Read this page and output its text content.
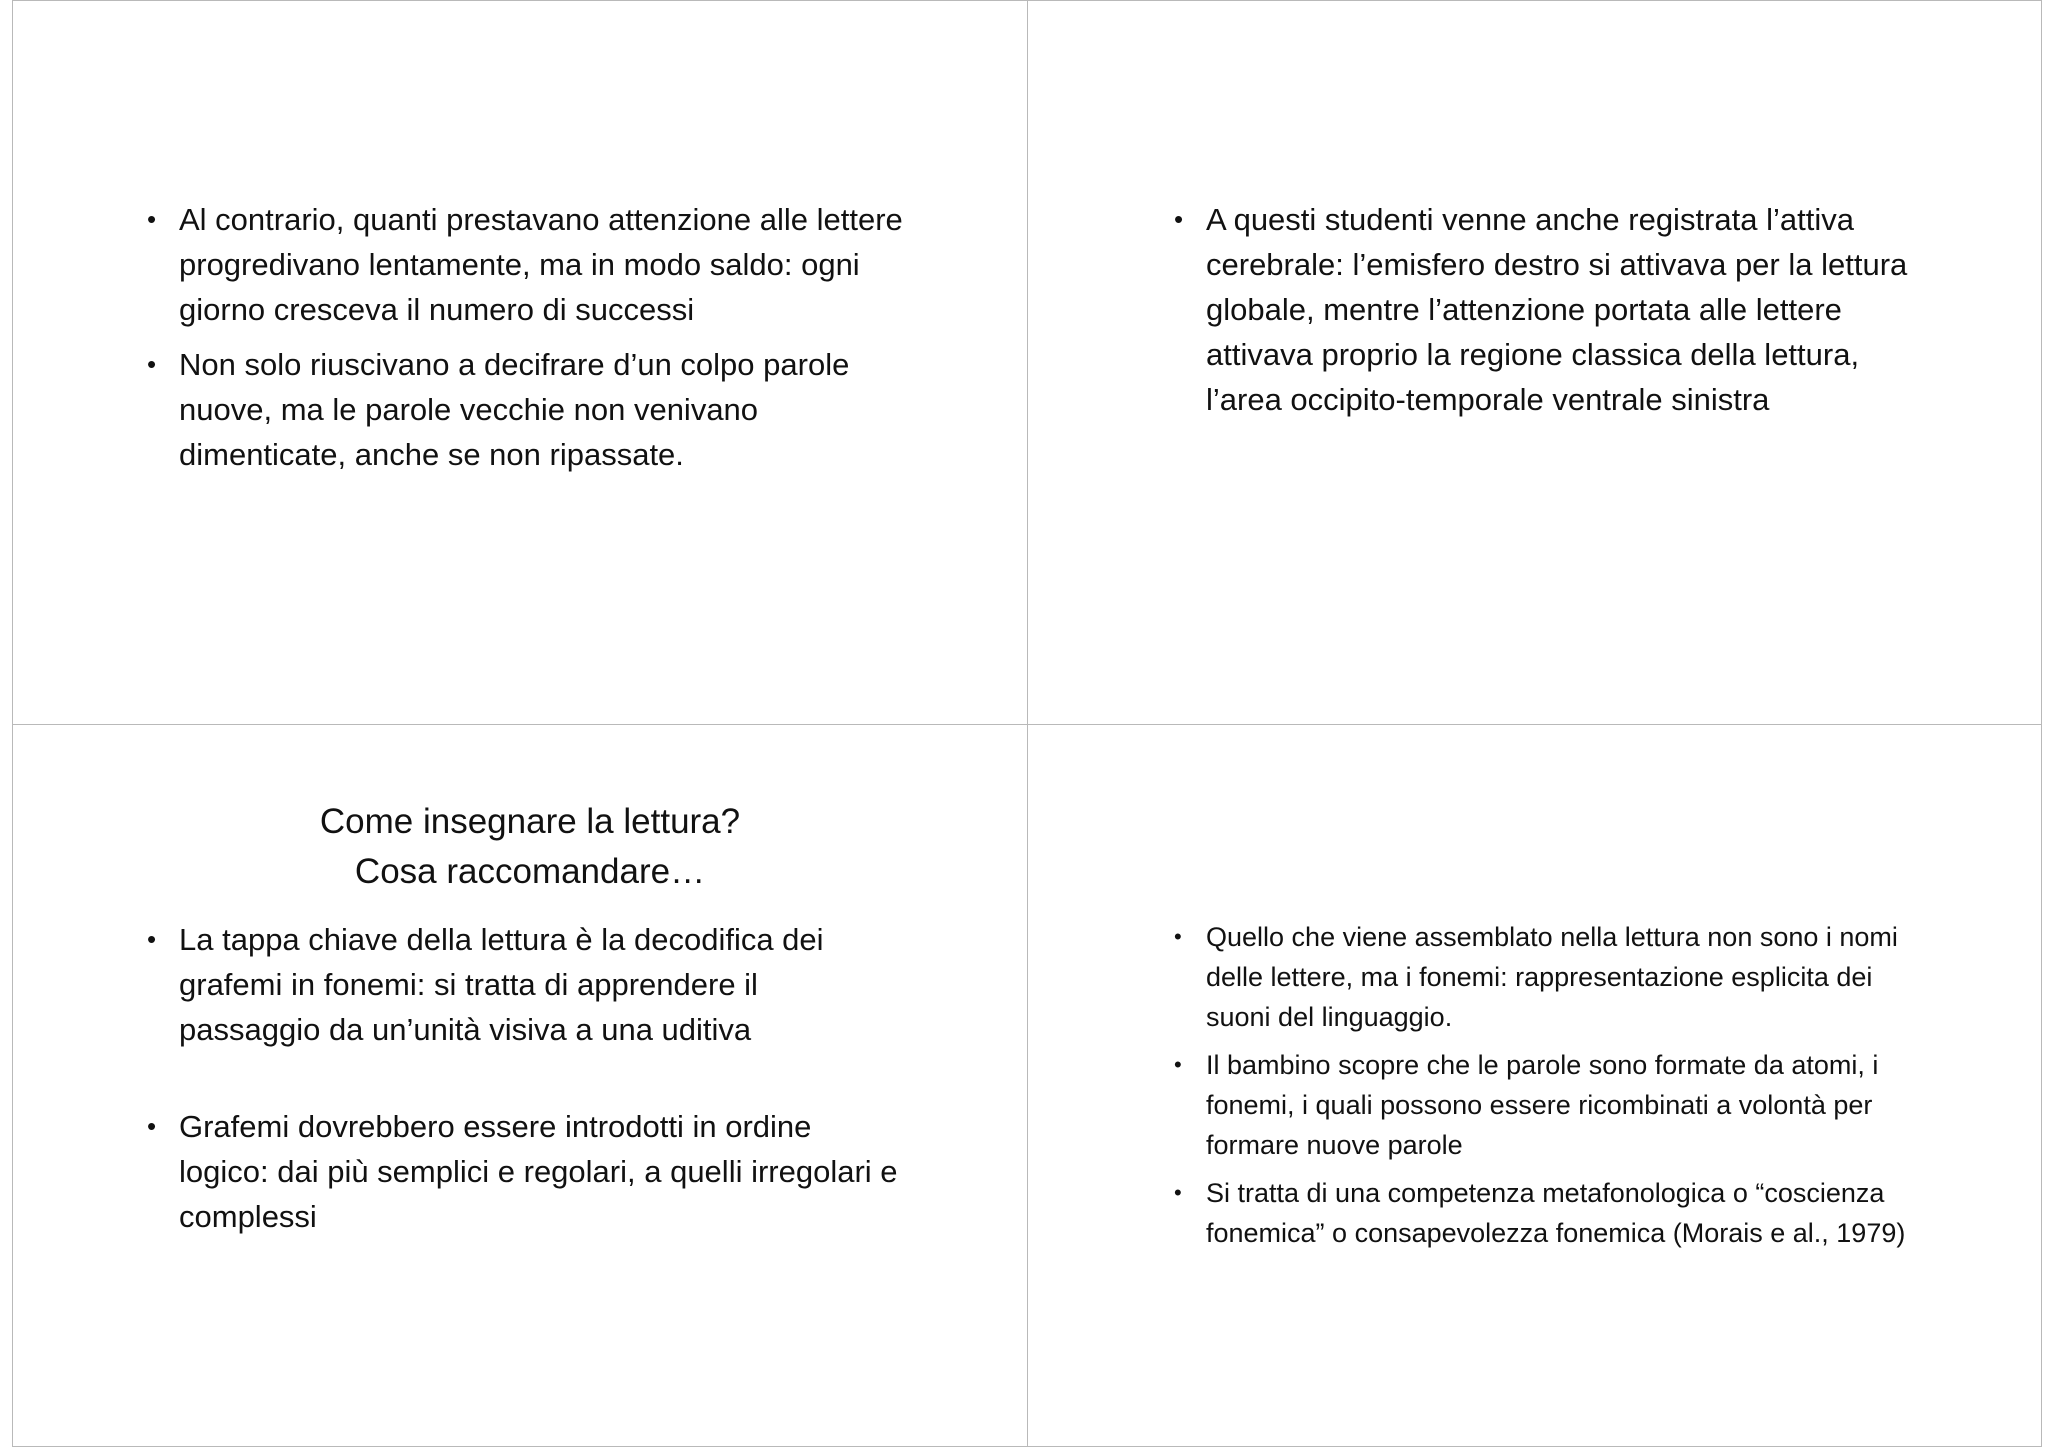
• Al contrario, quanti prestavano attenzione alle lettere progredivano lentamente, ma in modo saldo: ogni giorno cresceva il numero di successi
• Non solo riuscivano a decifrare d’un colpo parole nuove, ma le parole vecchie non venivano dimenticate, anche se non ripassate.
• A questi studenti venne anche registrata l’attiva cerebrale: l’emisfero destro si attivava per la lettura globale, mentre l’attenzione portata alle lettere attivava proprio la regione classica della lettura, l’area occipito-temporale ventrale sinistra
Come insegnare la lettura?
Cosa raccomandare…
• La tappa chiave della lettura è la decodifica dei grafemi in fonemi: si tratta di apprendere il passaggio da un’unità visiva a una uditiva
• Grafemi dovrebbero essere introdotti in ordine logico: dai più semplici e regolari, a quelli irregolari e complessi
• Quello che viene assemblato nella lettura non sono i nomi delle lettere, ma i fonemi: rappresentazione esplicita dei suoni del linguaggio.
• Il bambino scopre che le parole sono formate da atomi, i fonemi, i quali possono essere ricombinati a volontà per formare nuove parole
• Si tratta di una competenza metafonologica o “coscienza fonemica” o consapevolezza fonemica (Morais e al., 1979)
